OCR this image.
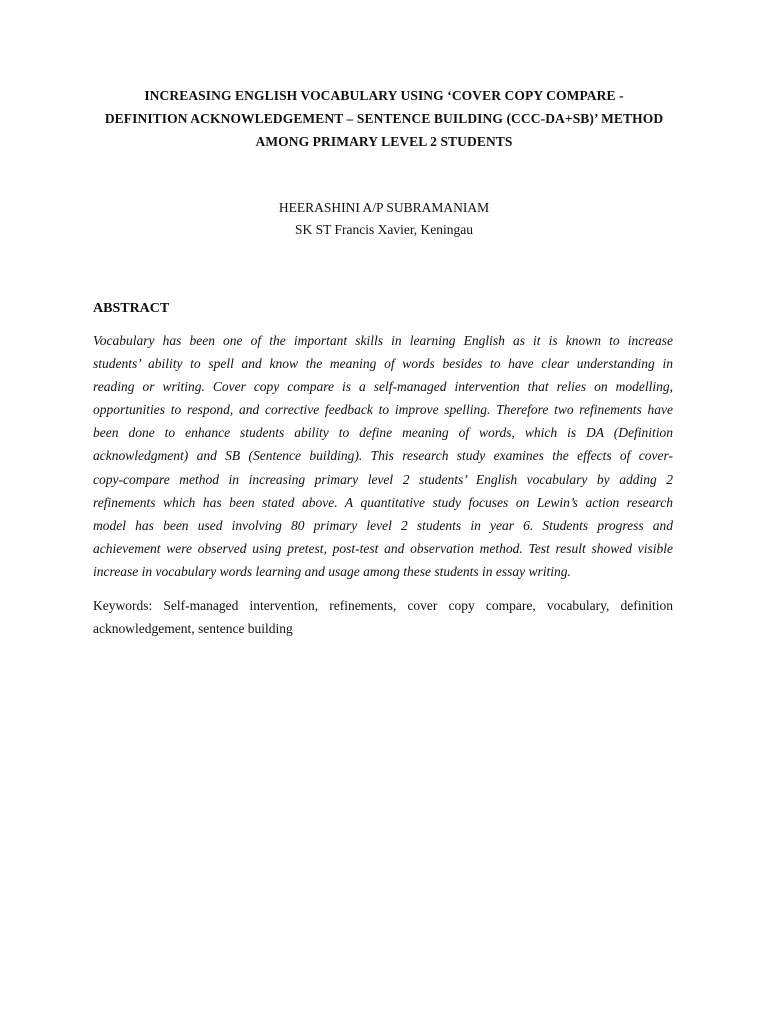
INCREASING ENGLISH VOCABULARY USING ‘COVER COPY COMPARE -
DEFINITION ACKNOWLEDGEMENT – SENTENCE BUILDING (CCC-DA+SB)’ METHOD
AMONG PRIMARY LEVEL 2 STUDENTS
HEERASHINI A/P SUBRAMANIAM
SK ST Francis Xavier, Keningau
ABSTRACT
Vocabulary has been one of the important skills in learning English as it is known to increase
students’ ability to spell and know the meaning of words besides to have clear understanding in
reading or writing. Cover copy compare is a self-managed intervention that relies on modelling,
opportunities to respond, and corrective feedback to improve spelling. Therefore two refinements have
been done to enhance students ability to define meaning of words, which is DA (Definition
acknowledgment) and SB (Sentence building). This research study examines the effects of cover-
copy-compare method in increasing primary level 2 students’ English vocabulary by adding 2
refinements which has been stated above. A quantitative study focuses on Lewin’s action research
model has been used involving 80 primary level 2 students in year 6. Students progress and
achievement were observed using pretest, post-test and observation method. Test result showed visible
increase in vocabulary words learning and usage among these students in essay writing.
Keywords: Self-managed intervention, refinements, cover copy compare, vocabulary, definition
acknowledgement, sentence building
